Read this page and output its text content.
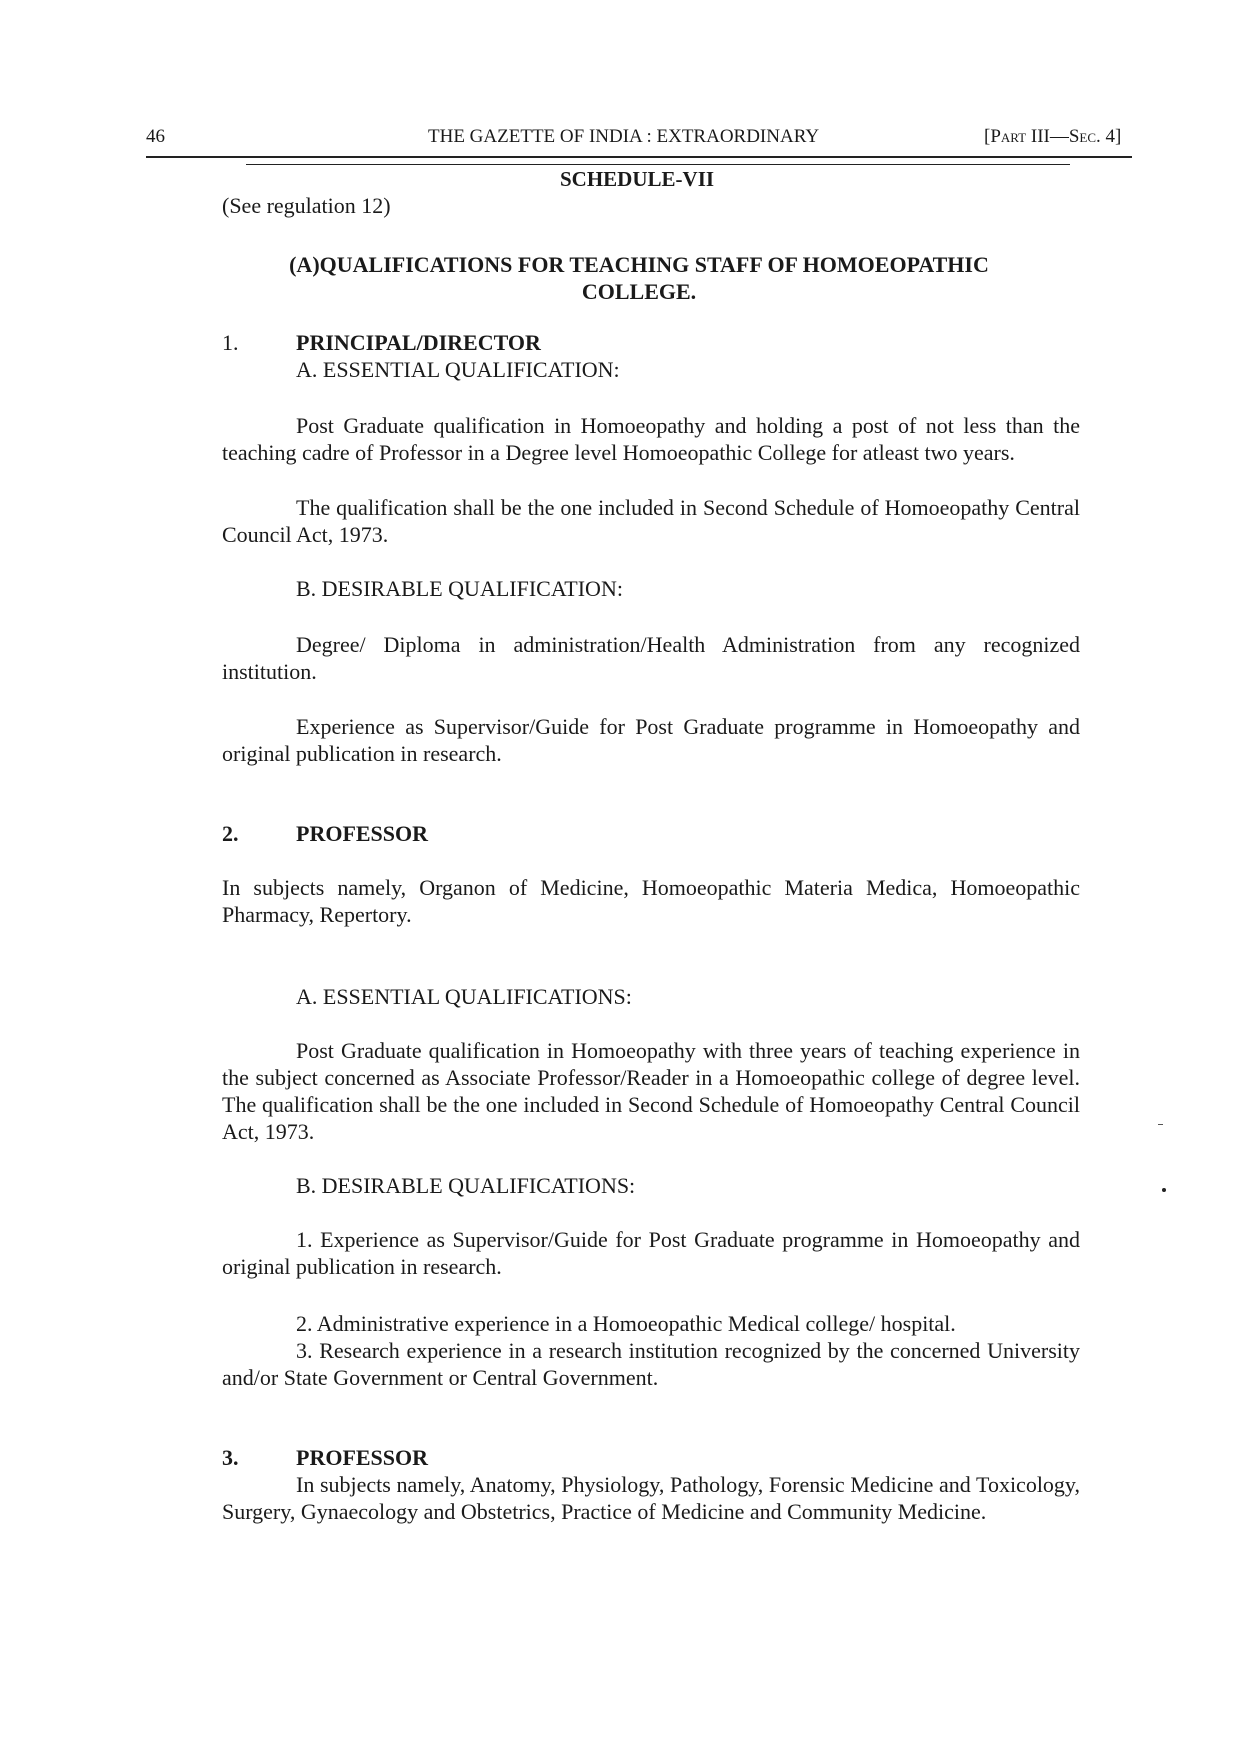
46	THE GAZETTE OF INDIA : EXTRAORDINARY	[Part III—Sec. 4]
SCHEDULE-VII
(See regulation 12)
(A)QUALIFICATIONS FOR TEACHING STAFF OF HOMOEOPATHIC
COLLEGE.
1.	PRINCIPAL/DIRECTOR
A. ESSENTIAL QUALIFICATION:
Post Graduate qualification in Homoeopathy and holding a post of not less than the teaching cadre of Professor in a Degree level Homoeopathic College for atleast two years.
The qualification shall be the one included in Second Schedule of Homoeopathy Central Council Act, 1973.
B. DESIRABLE QUALIFICATION:
Degree/ Diploma in administration/Health Administration from any recognized institution.
Experience as Supervisor/Guide for Post Graduate programme in Homoeopathy and original publication in research.
2.	PROFESSOR
In subjects namely, Organon of Medicine, Homoeopathic Materia Medica, Homoeopathic Pharmacy, Repertory.
A. ESSENTIAL QUALIFICATIONS:
Post Graduate qualification in Homoeopathy with three years of teaching experience in the subject concerned as Associate Professor/Reader in a Homoeopathic college of degree level. The qualification shall be the one included in Second Schedule of Homoeopathy Central Council Act, 1973.
B. DESIRABLE QUALIFICATIONS:
1. Experience as Supervisor/Guide for Post Graduate programme in Homoeopathy and original publication in research.
2. Administrative experience in a Homoeopathic Medical college/ hospital.
3. Research experience in a research institution recognized by the concerned University and/or State Government or Central Government.
3.	PROFESSOR
In subjects namely, Anatomy, Physiology, Pathology, Forensic Medicine and Toxicology, Surgery, Gynaecology and Obstetrics, Practice of Medicine and Community Medicine.
